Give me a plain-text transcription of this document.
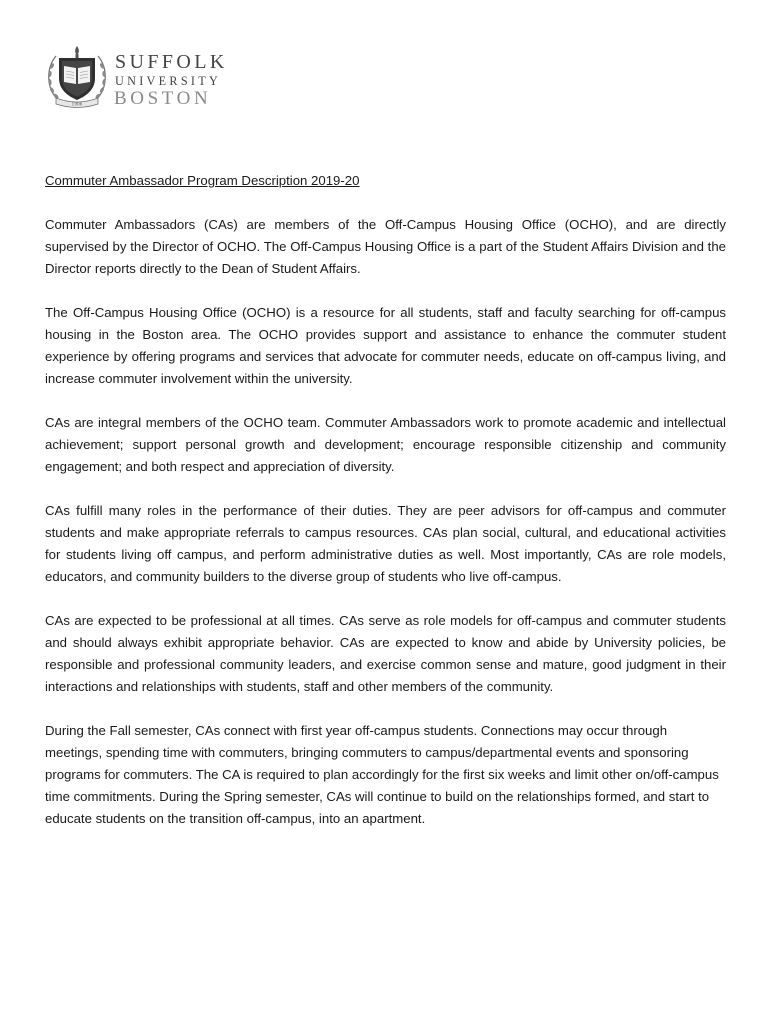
1906
SUFFOLK
UNIVERSITY
BOSTON
Commuter Ambassador Program Description 2019-20

Commuter Ambassadors (CAs) are members of the Off-Campus Housing Office (OCHO), and are directly supervised by the Director of OCHO. The Off-Campus Housing Office is a part of the Student Affairs Division and the Director reports directly to the Dean of Student Affairs.

The Off-Campus Housing Office (OCHO) is a resource for all students, staff and faculty searching for off-campus housing in the Boston area. The OCHO provides support and assistance to enhance the commuter student experience by offering programs and services that advocate for commuter needs, educate on off-campus living, and increase commuter involvement within the university.

CAs are integral members of the OCHO team. Commuter Ambassadors work to promote academic and intellectual achievement; support personal growth and development; encourage responsible citizenship and community engagement; and both respect and appreciation of diversity.

CAs fulfill many roles in the performance of their duties. They are peer advisors for off-campus and commuter students and make appropriate referrals to campus resources. CAs plan social, cultural, and educational activities for students living off campus, and perform administrative duties as well. Most importantly, CAs are role models, educators, and community builders to the diverse group of students who live off-campus.

CAs are expected to be professional at all times. CAs serve as role models for off-campus and commuter students and should always exhibit appropriate behavior. CAs are expected to know and abide by University policies, be responsible and professional community leaders, and exercise common sense and mature, good judgment in their interactions and relationships with students, staff and other members of the community.

During the Fall semester, CAs connect with first year off-campus students. Connections may occur through meetings, spending time with commuters, bringing commuters to campus/departmental events and sponsoring programs for commuters. The CA is required to plan accordingly for the first six weeks and limit other on/off-campus time commitments. During the Spring semester, CAs will continue to build on the relationships formed, and start to educate students on the transition off-campus, into an apartment.
